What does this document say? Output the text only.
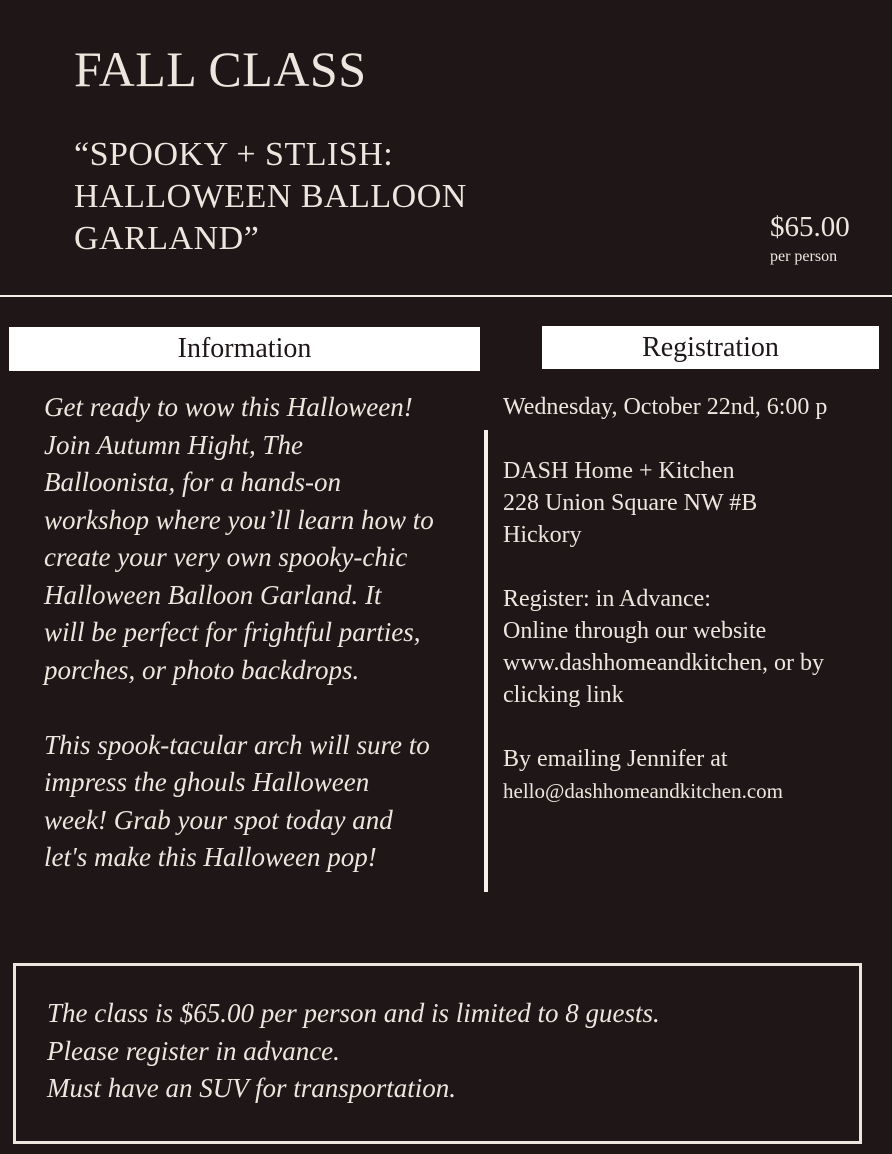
FALL CLASS
“SPOOKY + STLISH:
HALLOWEEN BALLOON
GARLAND”	$65.00
per person
Information	Registration
Get ready to wow this Halloween!
Join Autumn Hight, The
Balloonista, for a hands-on
workshop where you’ll learn how to
create your very own spooky-chic
Halloween Balloon Garland. It
will be perfect for frightful parties,
porches, or photo backdrops.
This spook-tacular arch will sure to
impress the ghouls Halloween
week! Grab your spot today and
let's make this Halloween pop!
Wednesday, October 22nd, 6:00 p
DASH Home + Kitchen
228 Union Square NW #B
Hickory
Register: in Advance:
Online through our website
www.dashhomeandkitchen, or by
clicking link
By emailing Jennifer at
hello@dashhomeandkitchen.com
The class is $65.00 per person and is limited to 8 guests.
Please register in advance.
Must have an SUV for transportation.
